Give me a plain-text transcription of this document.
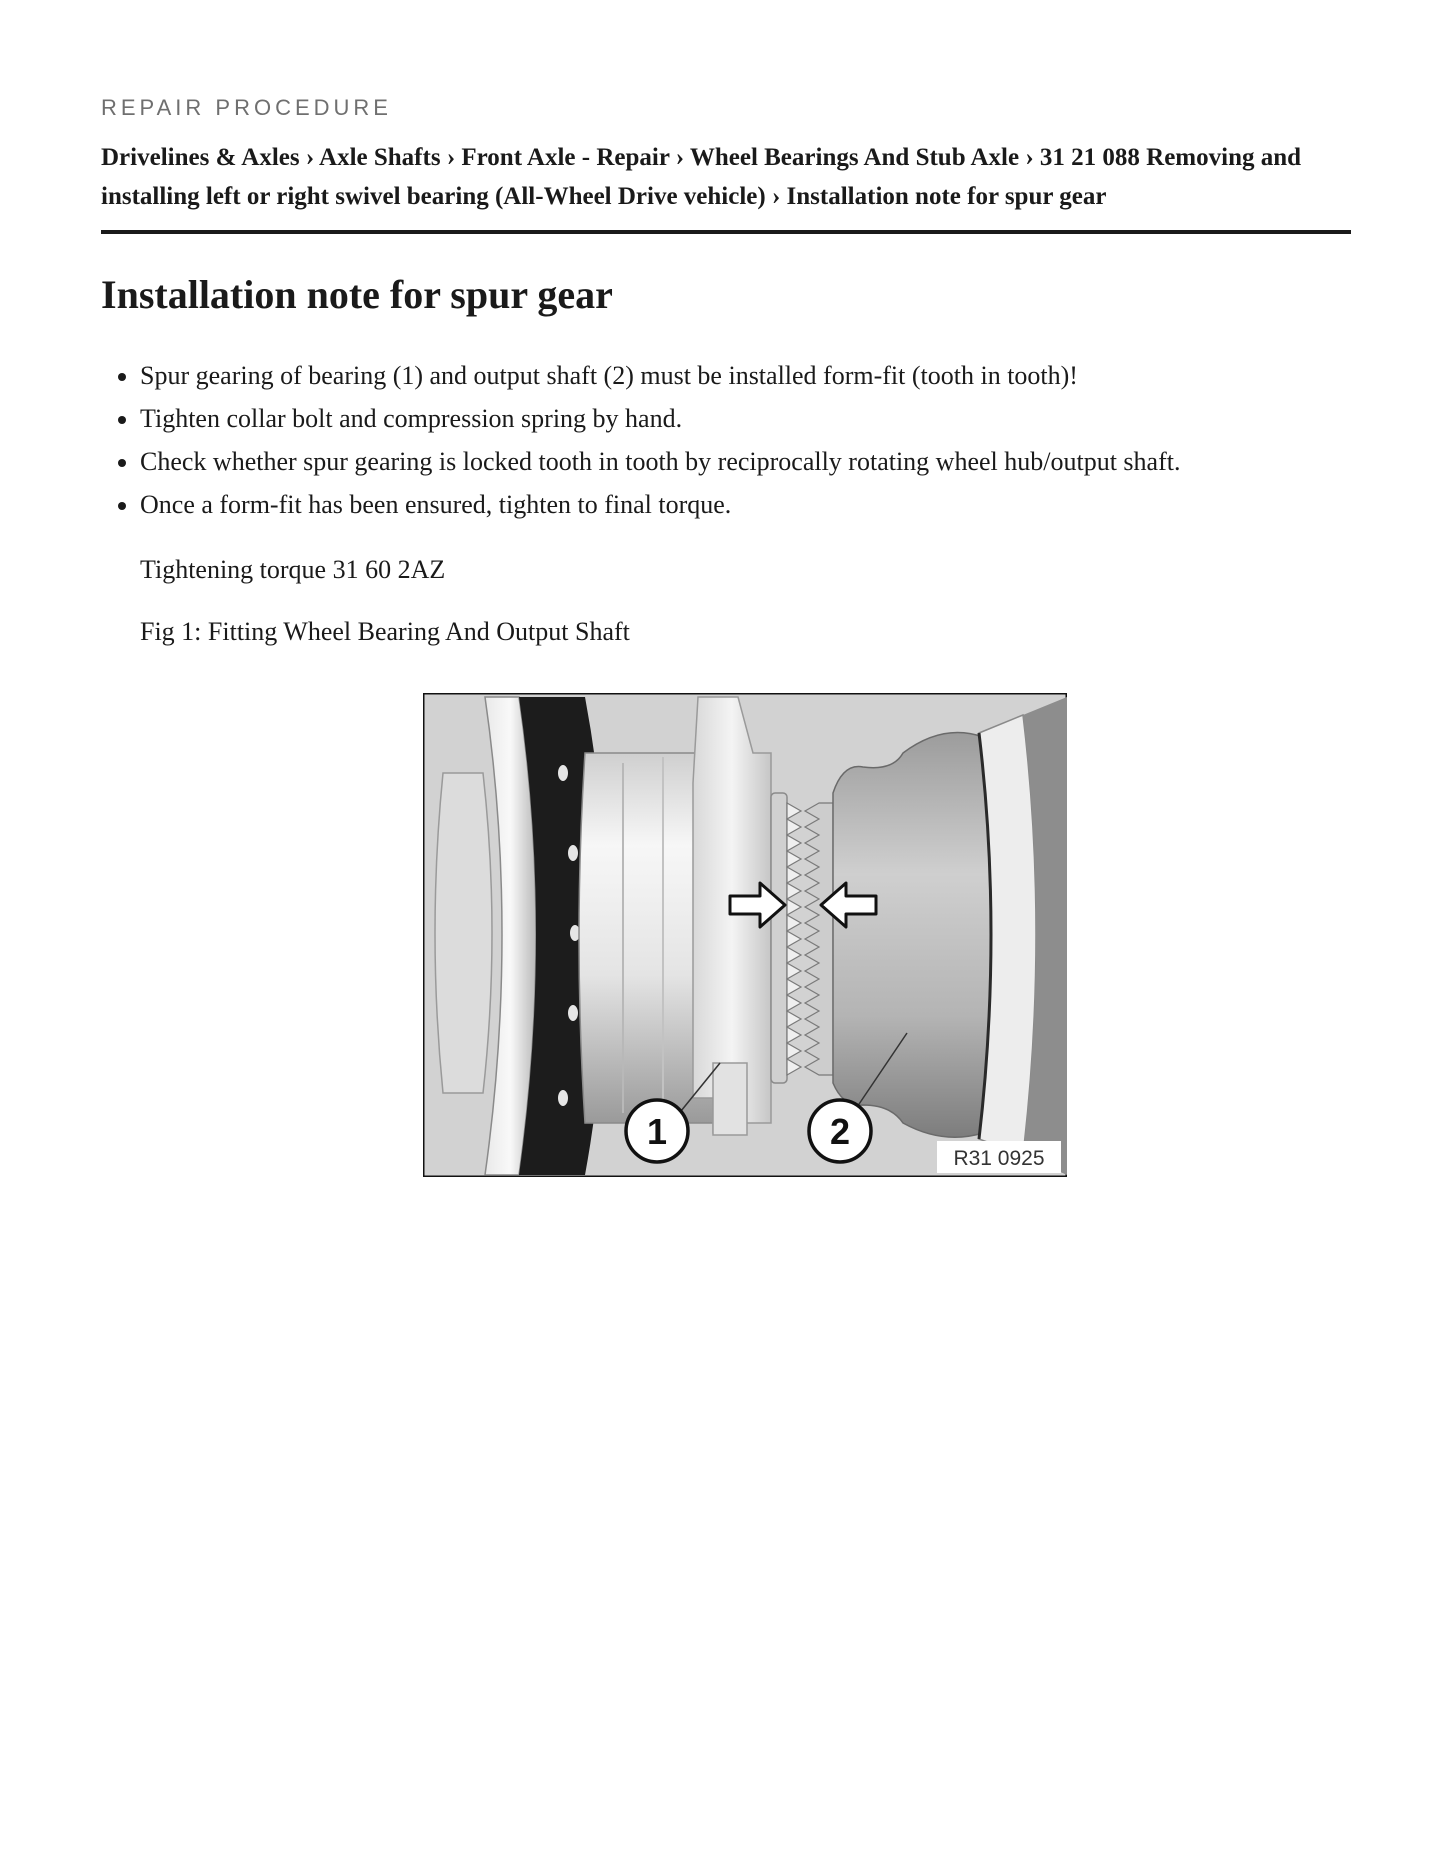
REPAIR PROCEDURE
Drivelines & Axles › Axle Shafts › Front Axle - Repair › Wheel Bearings And Stub Axle › 31 21 088 Removing and installing left or right swivel bearing (All-Wheel Drive vehicle) › Installation note for spur gear
Installation note for spur gear
• Spur gearing of bearing (1) and output shaft (2) must be installed form-fit (tooth in tooth)!
• Tighten collar bolt and compression spring by hand.
• Check whether spur gearing is locked tooth in tooth by reciprocally rotating wheel hub/output shaft.
• Once a form-fit has been ensured, tighten to final torque.

Tightening torque 31 60 2AZ

Fig 1: Fitting Wheel Bearing And Output Shaft

1	2
R31 0925
